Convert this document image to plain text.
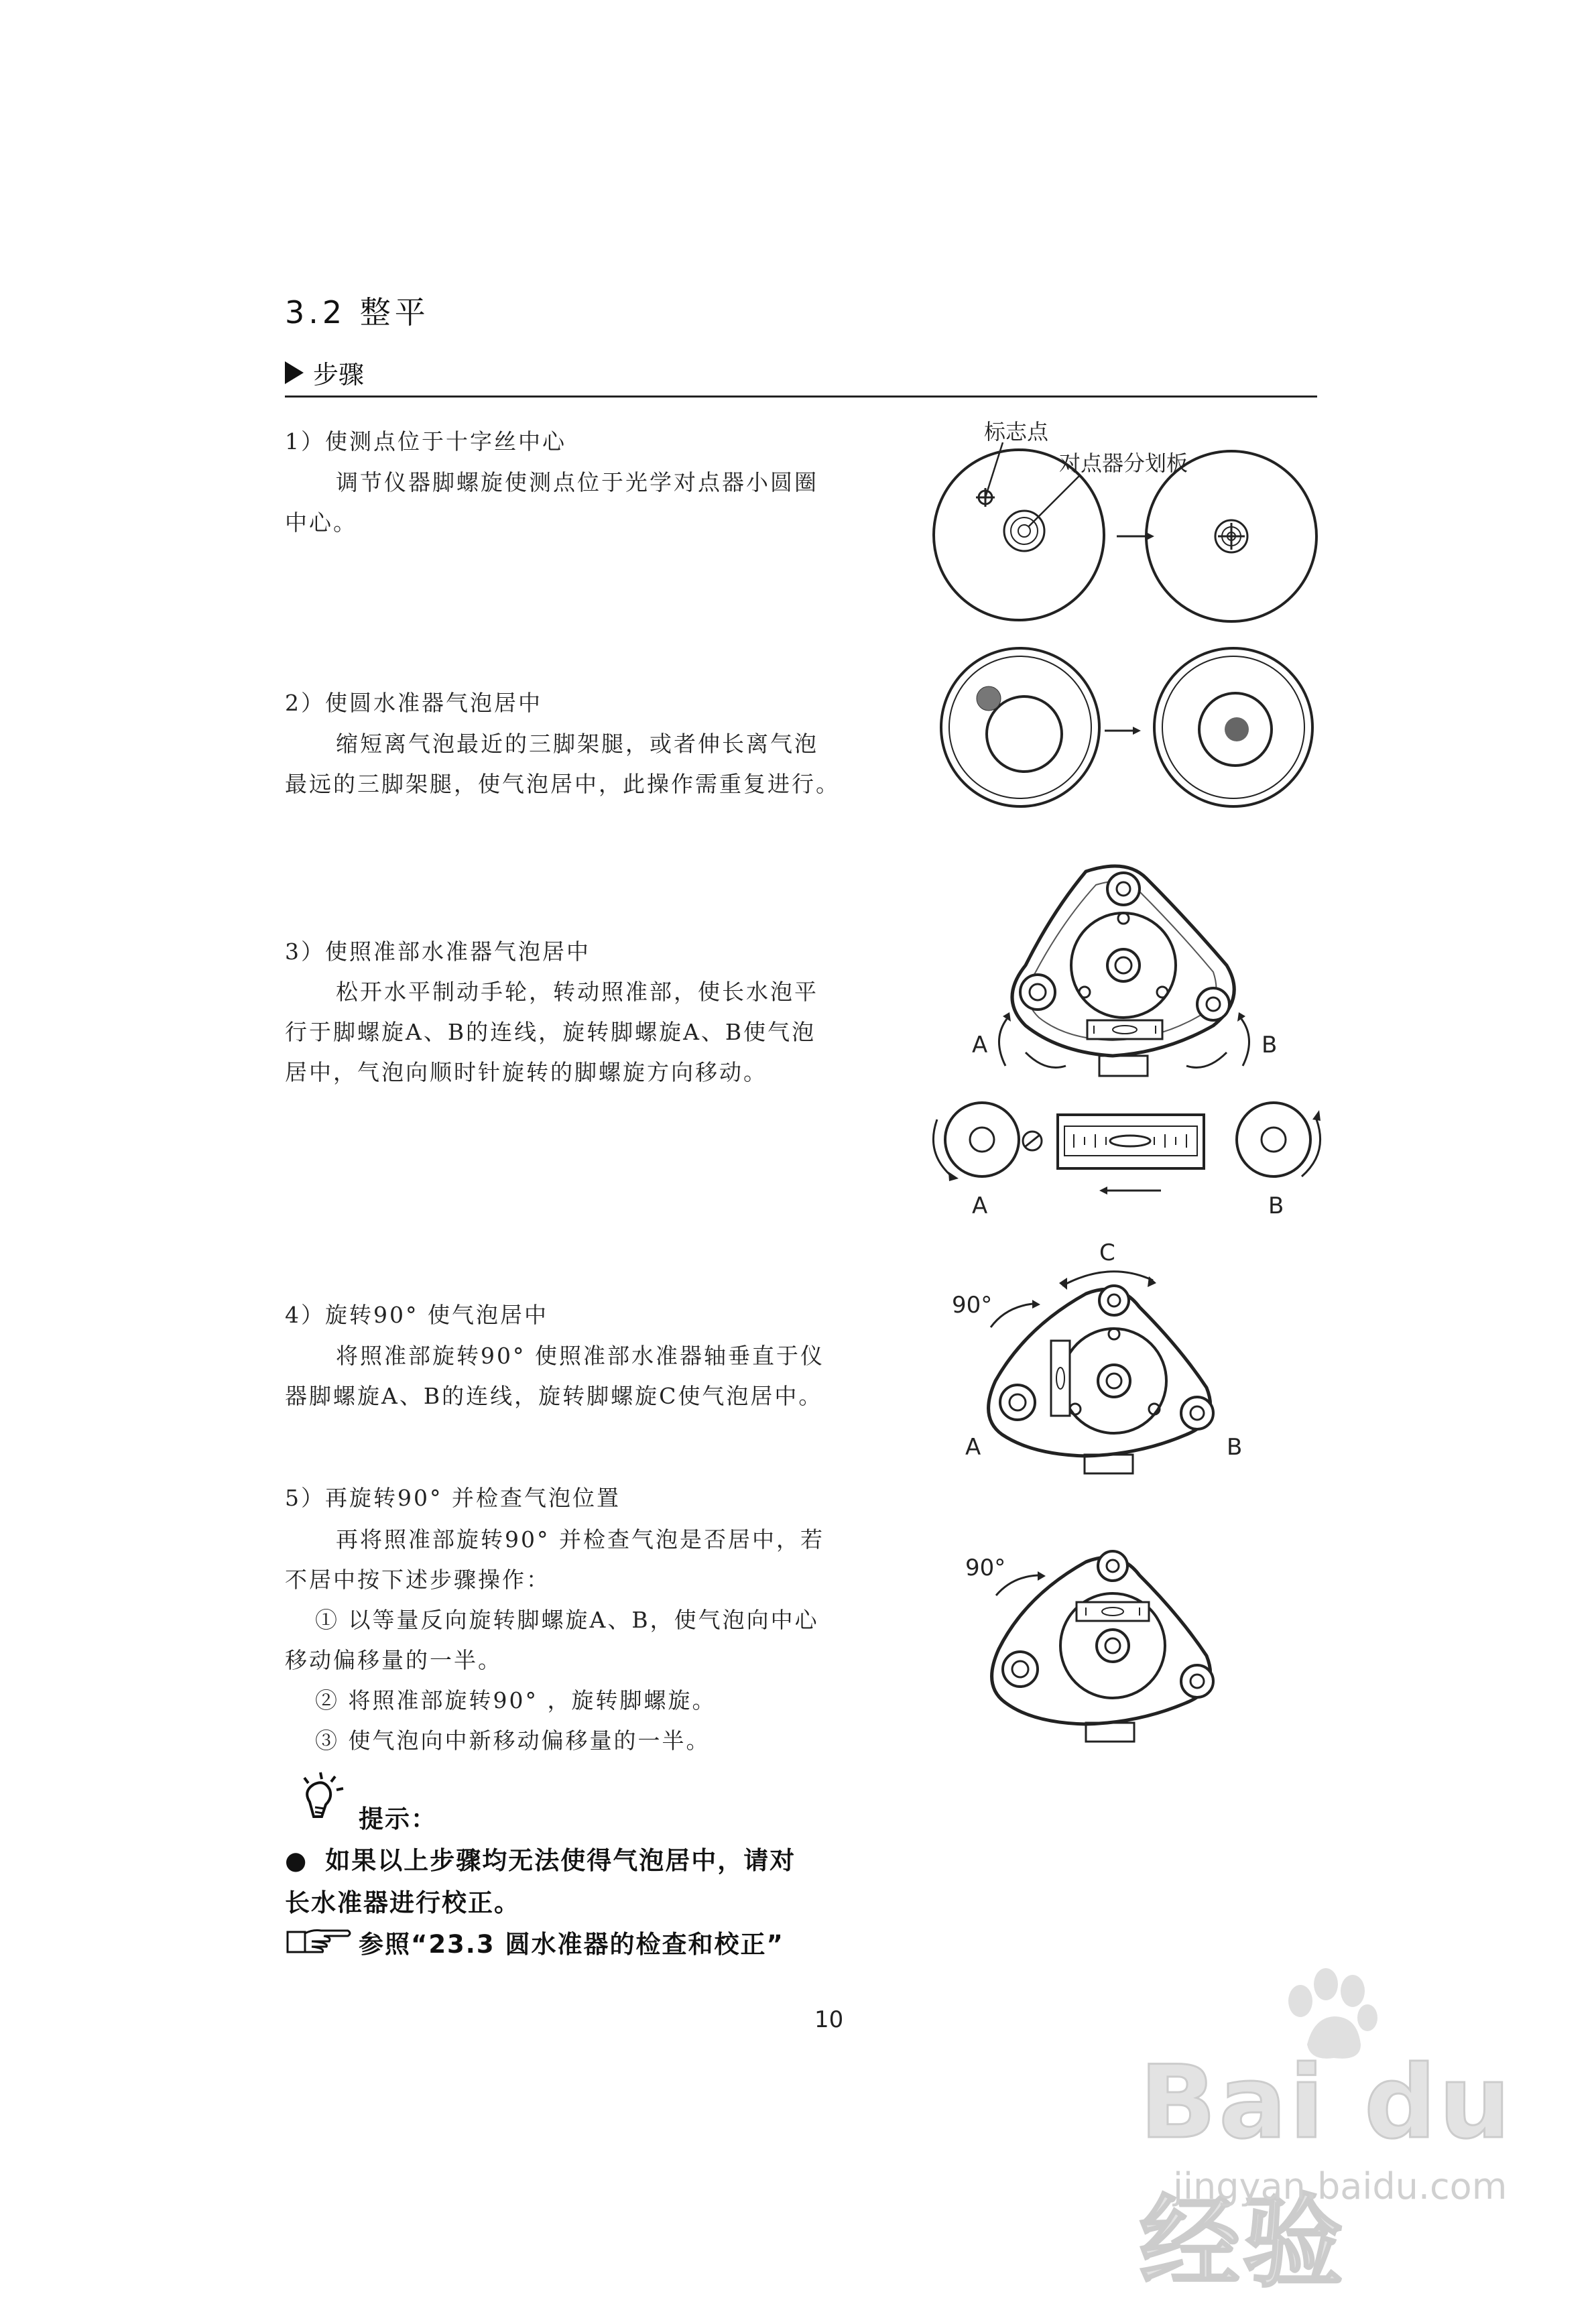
3.2 整平
步骤
1）使测点位于十字丝中心
调节仪器脚螺旋使测点位于光学对点器小圆圈
中心。
2）使圆水准器气泡居中
缩短离气泡最近的三脚架腿，或者伸长离气泡
最远的三脚架腿，使气泡居中，此操作需重复进行。
3）使照准部水准器气泡居中
松开水平制动手轮，转动照准部，使长水泡平
行于脚螺旋A、B的连线，旋转脚螺旋A、B使气泡
居中，气泡向顺时针旋转的脚螺旋方向移动。
4）旋转90° 使气泡居中
将照准部旋转90° 使照准部水准器轴垂直于仪
器脚螺旋A、B的连线，旋转脚螺旋C使气泡居中。
5）再旋转90° 并检查气泡位置
再将照准部旋转90° 并检查气泡是否居中，若
不居中按下述步骤操作：
① 以等量反向旋转脚螺旋A、B，使气泡向中心
移动偏移量的一半。
② 将照准部旋转90° ，旋转脚螺旋。
③ 使气泡向中新移动偏移量的一半。
提示：
● 如果以上步骤均无法使得气泡居中，请对
长水准器进行校正。
参照“23.3 圆水准器的检查和校正”
标志点
对点器分划板
A	B
A	B
C
90°
A	B
90°
10
Bai du 经验
jingyan.baidu.com
